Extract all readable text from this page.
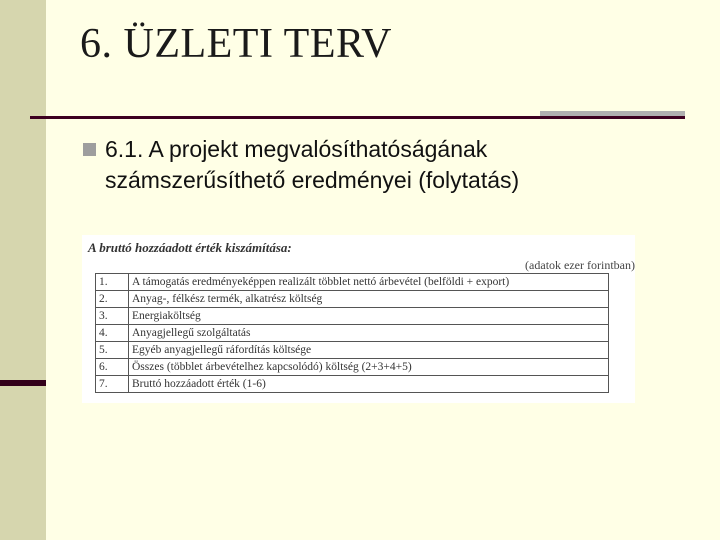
6. ÜZLETI TERV
6.1. A projekt megvalósíthatóságának
számszerűsíthető eredményei (folytatás)
A bruttó hozzáadott érték kiszámítása:
(adatok ezer forintban)
1.	A támogatás eredményeképpen realizált többlet nettó árbevétel (belföldi + export)
2.	Anyag-, félkész termék, alkatrész költség
3.	Energiaköltség
4.	Anyagjellegű szolgáltatás
5.	Egyéb anyagjellegű ráfordítás költsége
6.	Összes (többlet árbevételhez kapcsolódó) költség (2+3+4+5)
7.	Bruttó hozzáadott érték (1-6)
